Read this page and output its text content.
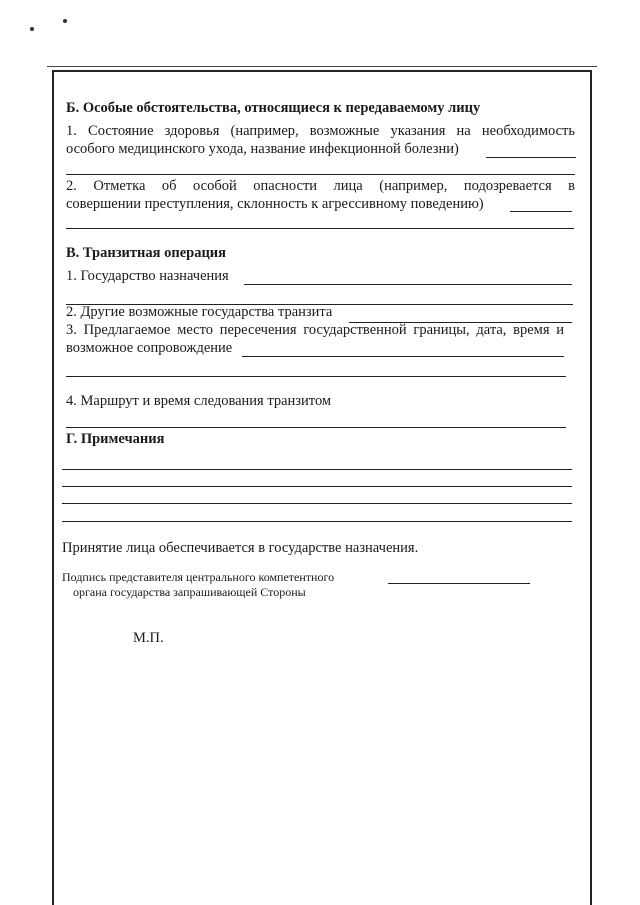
Б. Особые обстоятельства, относящиеся к передаваемому лицу
1. Состояние здоровья (например, возможные указания на необходимость
особого медицинского ухода, название инфекционной болезни)
2. Отметка об особой опасности лица (например, подозревается в
совершении преступления, склонность к агрессивному поведению)
В. Транзитная операция
1. Государство назначения
2. Другие возможные государства транзита
3. Предлагаемое место пересечения государственной границы, дата, время и
возможное сопровождение
4. Маршрут и время следования транзитом
Г. Примечания
Принятие лица обеспечивается в государстве назначения.
Подпись представителя центрального компетентного
органа государства запрашивающей Стороны
М.П.
